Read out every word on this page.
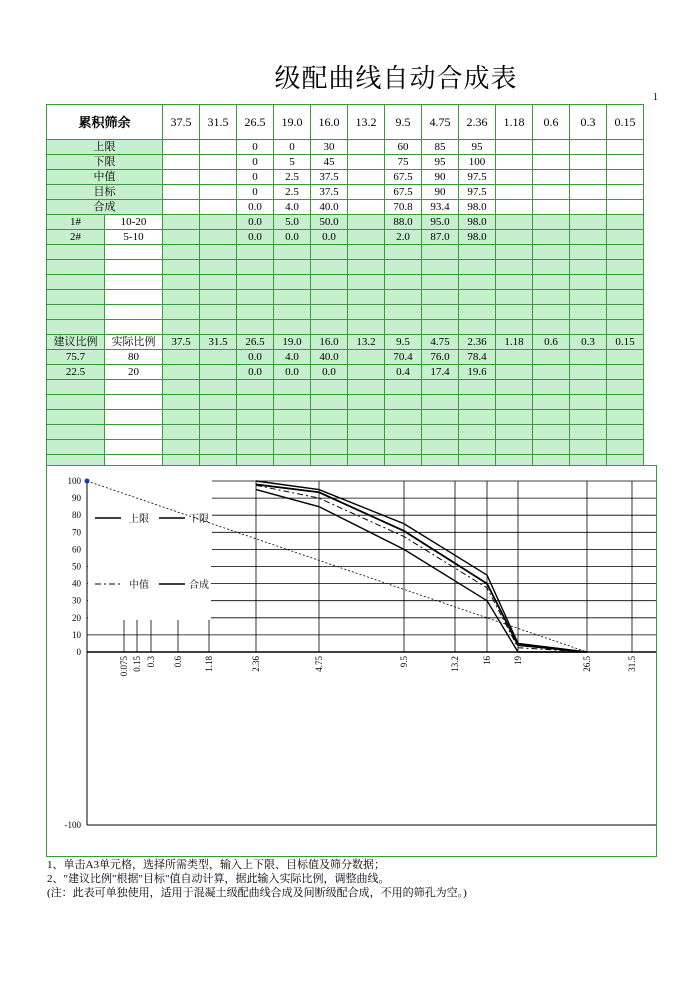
级配曲线自动合成表
1
累积筛余		37.5	31.5	26.5	19.0	16.0	13.2	9.5	4.75	2.36	1.18	0.6	0.3	0.15
上限				0	0	30		60	85	95				
下限				0	5	45		75	95	100				
中值				0	2.5	37.5		67.5	90	97.5				
目标				0	2.5	37.5		67.5	90	97.5				
合成				0.0	4.0	40.0		70.8	93.4	98.0				
1#	10-20			0.0	5.0	50.0		88.0	95.0	98.0				
2#	5-10			0.0	0.0	0.0		2.0	87.0	98.0				

建议比例	实际比例	37.5	31.5	26.5	19.0	16.0	13.2	9.5	4.75	2.36	1.18	0.6	0.3	0.15
75.7	80			0.0	4.0	40.0		70.4	76.0	78.4				
22.5	20			0.0	0.0	0.0		0.4	17.4	19.6				

上限	下限
中值	合成
100
90
80
70
60
50
40
30
20
10
0
-100
0.075 0.15 0.3 0.6 1.18	2.36	4.75	9.5	13.2 16 19	26.5	31.5
1、单击A3单元格，选择所需类型，输入上下限、目标值及筛分数据；
2、"建议比例"根据"目标"值自动计算，据此输入实际比例，调整曲线。
(注：此表可单独使用，适用于混凝土级配曲线合成及间断级配合成，不用的筛孔为空。)
